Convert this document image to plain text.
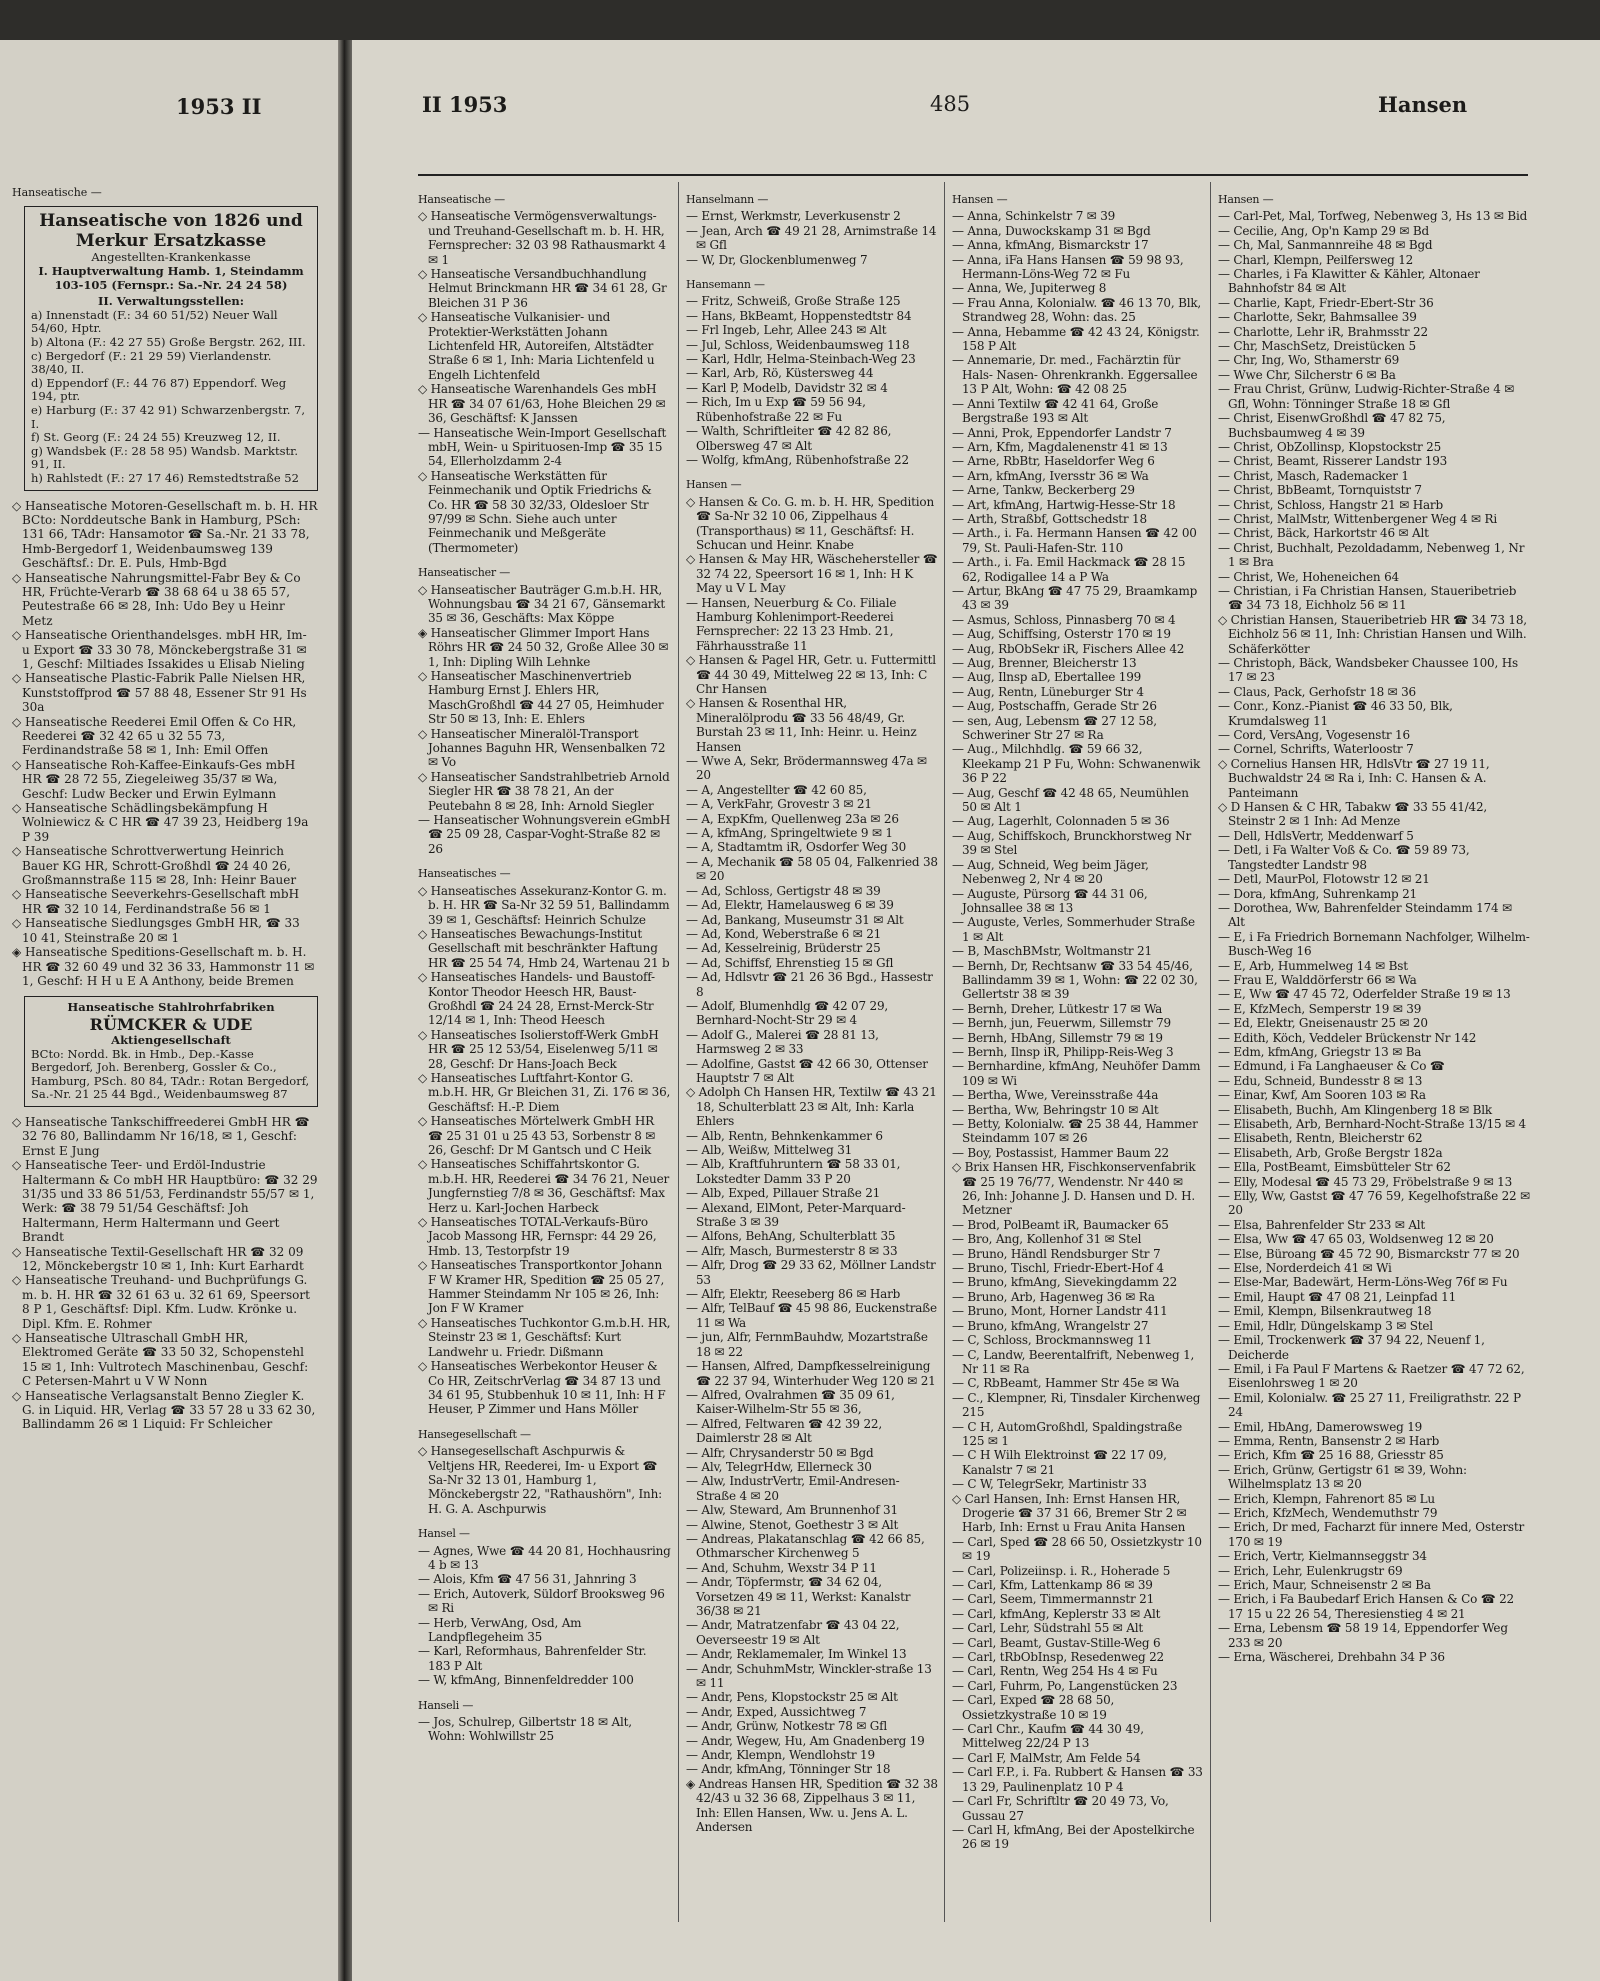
1953 II
Hanseatische —
Hanseatische von 1826 und Merkur Ersatzkasse
Angestellten-Krankenkasse
I. Hauptverwaltung Hamb. 1, Steindamm 103-105 (Fernspr.: Sa.-Nr. 24 24 58)
II. Verwaltungsstellen:
a) Innenstadt (F.: 34 60 51/52) Neuer Wall 54/60, Hptr.
b) Altona (F.: 42 27 55) Große Bergstr. 262, III.
c) Bergedorf (F.: 21 29 59) Vierlandenstr. 38/40, II.
d) Eppendorf (F.: 44 76 87) Eppendorf. Weg 194, ptr.
e) Harburg (F.: 37 42 91) Schwarzenbergstr. 7, I.
f) St. Georg (F.: 24 24 55) Kreuzweg 12, II.
g) Wandsbek (F.: 28 58 95) Wandsb. Marktstr. 91, II.
h) Rahlstedt (F.: 27 17 46) Remstedtstraße 52

◇ Hanseatische Motoren-Gesellschaft m. b. H. HR BCto: Norddeutsche Bank in Hamburg, PSch: 131 66, TAdr: Hansamotor ☎ Sa.-Nr. 21 33 78, Hmb-Bergedorf 1, Weidenbaumsweg 139 Geschäftsf.: Dr. E. Puls, Hmb-Bgd

◇ Hanseatische Nahrungsmittel-Fabr Bey & Co HR, Früchte-Verarb ☎ 38 68 64 u 38 65 57, Peutestraße 66 ✉ 28, Inh: Udo Bey u Heinr Metz

◇ Hanseatische Orienthandelsges. mbH HR, Im- u Export ☎ 33 30 78, Mönckebergstraße 31 ✉ 1, Geschf: Miltiades Issakides u Elisab Nieling

◇ Hanseatische Plastic-Fabrik Palle Nielsen HR, Kunststoffprod ☎ 57 88 48, Essener Str 91 Hs 30a

◇ Hanseatische Reederei Emil Offen & Co HR, Reederei ☎ 32 42 65 u 32 55 73, Ferdinandstraße 58 ✉ 1, Inh: Emil Offen

◇ Hanseatische Roh-Kaffee-Einkaufs-Ges mbH HR ☎ 28 72 55, Ziegeleiweg 35/37 ✉ Wa, Geschf: Ludw Becker und Erwin Eylmann

◇ Hanseatische Schädlingsbekämpfung H Wolniewicz & C HR ☎ 47 39 23, Heidberg 19a P 39

◇ Hanseatische Schrottverwertung Heinrich Bauer KG HR, Schrott-Großhdl ☎ 24 40 26, Großmannstraße 115 ✉ 28, Inh: Heinr Bauer

◇ Hanseatische Seeverkehrs-Gesellschaft mbH HR ☎ 32 10 14, Ferdinandstraße 56 ✉ 1

◇ Hanseatische Siedlungsges GmbH HR, ☎ 33 10 41, Steinstraße 20 ✉ 1

◈ Hanseatische Speditions-Gesellschaft m. b. H. HR ☎ 32 60 49 und 32 36 33, Hammonstr 11 ✉ 1, Geschf: H H u E A Anthony, beide Bremen

Hanseatische Stahlrohrfabriken
RÜMCKER & UDE
Aktiengesellschaft
BCto: Nordd. Bk. in Hmb., Dep.-Kasse Bergedorf, Joh. Berenberg, Gossler & Co., Hamburg, PSch. 80 84, TAdr.: Rotan Bergedorf, Sa.-Nr. 21 25 44 Bgd., Weidenbaumsweg 87

◇ Hanseatische Tankschiffreederei GmbH HR ☎ 32 76 80, Ballindamm Nr 16/18, ✉ 1, Geschf: Ernst E Jung

◇ Hanseatische Teer- und Erdöl-Industrie Haltermann & Co mbH HR Hauptbüro: ☎ 32 29 31/35 und 33 86 51/53, Ferdinandstr 55/57 ✉ 1, Werk: ☎ 38 79 51/54 Geschäftsf: Joh Haltermann, Herm Haltermann und Geert Brandt

◇ Hanseatische Textil-Gesellschaft HR ☎ 32 09 12, Mönckebergstr 10 ✉ 1, Inh: Kurt Earhardt

◇ Hanseatische Treuhand- und Buchprüfungs G. m. b. H. HR ☎ 32 61 63 u. 32 61 69, Speersort 8 P 1, Geschäftsf: Dipl. Kfm. Ludw. Krönke u. Dipl. Kfm. E. Rohmer

◇ Hanseatische Ultraschall GmbH HR, Elektromed Geräte ☎ 33 50 32, Schopenstehl 15 ✉ 1, Inh: Vultrotech Maschinenbau, Geschf: C Petersen-Mahrt u V W Nonn

◇ Hanseatische Verlagsanstalt Benno Ziegler K. G. in Liquid. HR, Verlag ☎ 33 57 28 u 33 62 30, Ballindamm 26 ✉ 1 Liquid: Fr Schleicher

II 1953	485	Hansen

Hanseatische —

◇ Hanseatische Vermögensverwaltungs- und Treuhand-Gesellschaft m. b. H. HR, Fernsprecher: 32 03 98 Rathausmarkt 4 ✉ 1

◇ Hanseatische Versandbuchhandlung Helmut Brinckmann HR ☎ 34 61 28, Gr Bleichen 31 P 36

◇ Hanseatische Vulkanisier- und Protektier-Werkstätten Johann Lichtenfeld HR, Autoreifen, Altstädter Straße 6 ✉ 1, Inh: Maria Lichtenfeld u Engelh Lichtenfeld

◇ Hanseatische Warenhandels Ges mbH HR ☎ 34 07 61/63, Hohe Bleichen 29 ✉ 36, Geschäftsf: K Janssen

— Hanseatische Wein-Import Gesellschaft mbH, Wein- u Spirituosen-Imp ☎ 35 15 54, Ellerholzdamm 2-4

◇ Hanseatische Werkstätten für Feinmechanik und Optik Friedrichs & Co. HR ☎ 58 30 32/33, Oldesloer Str 97/99 ✉ Schn. Siehe auch unter Feinmechanik und Meßgeräte (Thermometer)

Hanseatischer —

◇ Hanseatischer Bauträger G.m.b.H. HR, Wohnungsbau ☎ 34 21 67, Gänsemarkt 35 ✉ 36, Geschäfts: Max Köppe

◈ Hanseatischer Glimmer Import Hans Röhrs HR ☎ 24 50 32, Große Allee 30 ✉ 1, Inh: Dipling Wilh Lehnke

◇ Hanseatischer Maschinenvertrieb Hamburg Ernst J. Ehlers HR, MaschGroßhdl ☎ 44 27 05, Heimhuder Str 50 ✉ 13, Inh: E. Ehlers

◇ Hanseatischer Mineralöl-Transport Johannes Baguhn HR, Wensenbalken 72 ✉ Vo

◇ Hanseatischer Sandstrahlbetrieb Arnold Siegler HR ☎ 38 78 21, An der Peutebahn 8 ✉ 28, Inh: Arnold Siegler

— Hanseatischer Wohnungsverein eGmbH ☎ 25 09 28, Caspar-Voght-Straße 82 ✉ 26

Hanseatisches —

◇ Hanseatisches Assekuranz-Kontor G. m. b. H. HR ☎ Sa-Nr 32 59 51, Ballindamm 39 ✉ 1, Geschäftsf: Heinrich Schulze

◇ Hanseatisches Bewachungs-Institut Gesellschaft mit beschränkter Haftung HR ☎ 25 54 74, Hmb 24, Wartenau 21 b

◇ Hanseatisches Handels- und Baustoff-Kontor Theodor Heesch HR, Baust-Großhdl ☎ 24 24 28, Ernst-Merck-Str 12/14 ✉ 1, Inh: Theod Heesch

◇ Hanseatisches Isolierstoff-Werk GmbH HR ☎ 25 12 53/54, Eiselenweg 5/11 ✉ 28, Geschf: Dr Hans-Joach Beck

◇ Hanseatisches Luftfahrt-Kontor G. m.b.H. HR, Gr Bleichen 31, Zi. 176 ✉ 36, Geschäftsf: H.-P. Diem

◇ Hanseatisches Mörtelwerk GmbH HR ☎ 25 31 01 u 25 43 53, Sorbenstr 8 ✉ 26, Geschf: Dr M Gantsch und C Heik

◇ Hanseatisches Schiffahrtskontor G. m.b.H. HR, Reederei ☎ 34 76 21, Neuer Jungfernstieg 7/8 ✉ 36, Geschäftsf: Max Herz u. Karl-Jochen Harbeck

◇ Hanseatisches TOTAL-Verkaufs-Büro Jacob Massong HR, Fernspr: 44 29 26, Hmb. 13, Testorpfstr 19

◇ Hanseatisches Transportkontor Johann F W Kramer HR, Spedition ☎ 25 05 27, Hammer Steindamm Nr 105 ✉ 26, Inh: Jon F W Kramer

◇ Hanseatisches Tuchkontor G.m.b.H. HR, Steinstr 23 ✉ 1, Geschäftsf: Kurt Landwehr u. Friedr. Dißmann

◇ Hanseatisches Werbekontor Heuser & Co HR, ZeitschrVerlag ☎ 34 87 13 und 34 61 95, Stubbenhuk 10 ✉ 11, Inh: H F Heuser, P Zimmer und Hans Möller

Hansegesellschaft —

◇ Hansegesellschaft Aschpurwis & Veltjens HR, Reederei, Im- u Export ☎ Sa-Nr 32 13 01, Hamburg 1, Mönckebergstr 22, "Rathaushörn", Inh: H. G. A. Aschpurwis

Hansel —

— Agnes, Wwe ☎ 44 20 81, Hochhausring 4 b ✉ 13

— Alois, Kfm ☎ 47 56 31, Jahnring 3

— Erich, Autoverk, Süldorf Brooksweg 96 ✉ Ri

— Herb, VerwAng, Osd, Am Landpflegeheim 35

— Karl, Reformhaus, Bahrenfelder Str. 183 P Alt

— W, kfmAng, Binnenfeldredder 100

Hanseli —

— Jos, Schulrep, Gilbertstr 18 ✉ Alt, Wohn: Wohlwillstr 25

Hanselmann —

— Ernst, Werkmstr, Leverkusenstr 2

— Jean, Arch ☎ 49 21 28, Arnimstraße 14 ✉ Gfl

— W, Dr, Glockenblumenweg 7

Hansemann —

— Fritz, Schweiß, Große Straße 125

— Hans, BkBeamt, Hoppenstedtstr 84

— Frl Ingeb, Lehr, Allee 243 ✉ Alt

— Jul, Schloss, Weidenbaumsweg 118

— Karl, Hdlr, Helma-Steinbach-Weg 23

— Karl, Arb, Rö, Küstersweg 44

— Karl P, Modelb, Davidstr 32 ✉ 4

— Rich, Im u Exp ☎ 59 56 94, Rübenhofstraße 22 ✉ Fu

— Walth, Schriftleiter ☎ 42 82 86, Olbersweg 47 ✉ Alt

— Wolfg, kfmAng, Rübenhofstraße 22

Hansen —

◇ Hansen & Co. G. m. b. H. HR, Spedition ☎ Sa-Nr 32 10 06, Zippelhaus 4 (Transporthaus) ✉ 11, Geschäftsf: H. Schucan und Heinr. Knabe

◇ Hansen & May HR, Wäschehersteller ☎ 32 74 22, Speersort 16 ✉ 1, Inh: H K May u V L May

— Hansen, Neuerburg & Co. Filiale Hamburg Kohlenimport-Reederei Fernsprecher: 22 13 23 Hmb. 21, Fährhausstraße 11

◇ Hansen & Pagel HR, Getr. u. Futtermittl ☎ 44 30 49, Mittelweg 22 ✉ 13, Inh: C Chr Hansen

◇ Hansen & Rosenthal HR, Mineralölprodu ☎ 33 56 48/49, Gr. Burstah 23 ✉ 11, Inh: Heinr. u. Heinz Hansen

— Wwe A, Sekr, Brödermannsweg 47a ✉ 20

— A, Angestellter ☎ 42 60 85,

— A, VerkFahr, Grovestr 3 ✉ 21

— A, ExpKfm, Quellenweg 23a ✉ 26

— A, kfmAng, Springeltwiete 9 ✉ 1

— A, Stadtamtm iR, Osdorfer Weg 30

— A, Mechanik ☎ 58 05 04, Falkenried 38 ✉ 20

— Ad, Schloss, Gertigstr 48 ✉ 39

— Ad, Elektr, Hamelausweg 6 ✉ 39

— Ad, Bankang, Museumstr 31 ✉ Alt

— Ad, Kond, Weberstraße 6 ✉ 21

— Ad, Kesselreinig, Brüderstr 25

— Ad, Schiffsf, Ehrenstieg 15 ✉ Gfl

— Ad, Hdlsvtr ☎ 21 26 36 Bgd., Hassestr 8

— Adolf, Blumenhdlg ☎ 42 07 29, Bernhard-Nocht-Str 29 ✉ 4

— Adolf G., Malerei ☎ 28 81 13, Harmsweg 2 ✉ 33

— Adolfine, Gastst ☎ 42 66 30, Ottenser Hauptstr 7 ✉ Alt

◇ Adolph Ch Hansen HR, Textilw ☎ 43 21 18, Schulterblatt 23 ✉ Alt, Inh: Karla Ehlers

— Alb, Rentn, Behnkenkammer 6

— Alb, Weißw, Mittelweg 31

— Alb, Kraftfuhruntern ☎ 58 33 01, Lokstedter Damm 33 P 20

— Alb, Exped, Pillauer Straße 21

— Alexand, ElMont, Peter-Marquard-Straße 3 ✉ 39

— Alfons, BehAng, Schulterblatt 35

— Alfr, Masch, Burmesterstr 8 ✉ 33

— Alfr, Drog ☎ 29 33 62, Möllner Landstr 53

— Alfr, Elektr, Reeseberg 86 ✉ Harb

— Alfr, TelBauf ☎ 45 98 86, Euckenstraße 11 ✉ Wa

— jun, Alfr, FernmBauhdw, Mozartstraße 18 ✉ 22

— Hansen, Alfred, Dampfkesselreinigung ☎ 22 37 94, Winterhuder Weg 120 ✉ 21

— Alfred, Ovalrahmen ☎ 35 09 61, Kaiser-Wilhelm-Str 55 ✉ 36,

— Alfred, Feltwaren ☎ 42 39 22, Daimlerstr 28 ✉ Alt

— Alfr, Chrysanderstr 50 ✉ Bgd

— Alv, TelegrHdw, Ellerneck 30

— Alw, IndustrVertr, Emil-Andresen-Straße 4 ✉ 20

— Alw, Steward, Am Brunnenhof 31

— Alwine, Stenot, Goethestr 3 ✉ Alt

— Andreas, Plakatanschlag ☎ 42 66 85, Othmarscher Kirchenweg 5

— And, Schuhm, Wexstr 34 P 11

— Andr, Töpfermstr, ☎ 34 62 04, Vorsetzen 49 ✉ 11, Werkst: Kanalstr 36/38 ✉ 21

— Andr, Matratzenfabr ☎ 43 04 22, Oeverseestr 19 ✉ Alt

— Andr, Reklamemaler, Im Winkel 13

— Andr, SchuhmMstr, Winckler-straße 13 ✉ 11

— Andr, Pens, Klopstockstr 25 ✉ Alt

— Andr, Exped, Aussichtweg 7

— Andr, Grünw, Notkestr 78 ✉ Gfl

— Andr, Wegew, Hu, Am Gnadenberg 19

— Andr, Klempn, Wendlohstr 19

— Andr, kfmAng, Tönninger Str 18

◈ Andreas Hansen HR, Spedition ☎ 32 38 42/43 u 32 36 68, Zippelhaus 3 ✉ 11, Inh: Ellen Hansen, Ww. u. Jens A. L. Andersen

Hansen —

— Anna, Schinkelstr 7 ✉ 39

— Anna, Duwockskamp 31 ✉ Bgd

— Anna, kfmAng, Bismarckstr 17

— Anna, iFa Hans Hansen ☎ 59 98 93, Hermann-Löns-Weg 72 ✉ Fu

— Anna, We, Jupiterweg 8

— Frau Anna, Kolonialw. ☎ 46 13 70, Blk, Strandweg 28, Wohn: das. 25

— Anna, Hebamme ☎ 42 43 24, Königstr. 158 P Alt

— Annemarie, Dr. med., Fachärztin für Hals- Nasen- Ohrenkrankh. Eggersallee 13 P Alt, Wohn: ☎ 42 08 25

— Anni Textilw ☎ 42 41 64, Große Bergstraße 193 ✉ Alt

— Anni, Prok, Eppendorfer Landstr 7

— Arn, Kfm, Magdalenenstr 41 ✉ 13

— Arne, RbBtr, Haseldorfer Weg 6

— Arn, kfmAng, Iversstr 36 ✉ Wa

— Arne, Tankw, Beckerberg 29

— Art, kfmAng, Hartwig-Hesse-Str 18

— Arth, Straßbf, Gottschedstr 18

— Arth., i. Fa. Hermann Hansen ☎ 42 00 79, St. Pauli-Hafen-Str. 110

— Arth., i. Fa. Emil Hackmack ☎ 28 15 62, Rodigallee 14 a P Wa

— Artur, BkAng ☎ 47 75 29, Braamkamp 43 ✉ 39

— Asmus, Schloss, Pinnasberg 70 ✉ 4

— Aug, Schiffsing, Osterstr 170 ✉ 19

— Aug, RbObSekr iR, Fischers Allee 42

— Aug, Brenner, Bleicherstr 13

— Aug, Ilnsp aD, Ebertallee 199

— Aug, Rentn, Lüneburger Str 4

— Aug, Postschaffn, Gerade Str 26

— sen, Aug, Lebensm ☎ 27 12 58, Schweriner Str 27 ✉ Ra

— Aug., Milchhdlg. ☎ 59 66 32, Kleekamp 21 P Fu, Wohn: Schwanenwik 36 P 22

— Aug, Geschf ☎ 42 48 65, Neumühlen 50 ✉ Alt 1

— Aug, Lagerhlt, Colonnaden 5 ✉ 36

— Aug, Schiffskoch, Brunckhorstweg Nr 39 ✉ Stel

— Aug, Schneid, Weg beim Jäger, Nebenweg 2, Nr 4 ✉ 20

— Auguste, Pürsorg ☎ 44 31 06, Johnsallee 38 ✉ 13

— Auguste, Verles, Sommerhuder Straße 1 ✉ Alt

— B, MaschBMstr, Woltmanstr 21

— Bernh, Dr, Rechtsanw ☎ 33 54 45/46, Ballindamm 39 ✉ 1, Wohn: ☎ 22 02 30, Gellertstr 38 ✉ 39

— Bernh, Dreher, Lütkestr 17 ✉ Wa

— Bernh, jun, Feuerwm, Sillemstr 79

— Bernh, HbAng, Sillemstr 79 ✉ 19

— Bernh, Ilnsp iR, Philipp-Reis-Weg 3

— Bernhardine, kfmAng, Neuhöfer Damm 109 ✉ Wi

— Bertha, Wwe, Vereinsstraße 44a

— Bertha, Ww, Behringstr 10 ✉ Alt

— Betty, Kolonialw. ☎ 25 38 44, Hammer Steindamm 107 ✉ 26

— Boy, Postassist, Hammer Baum 22

◇ Brix Hansen HR, Fischkonservenfabrik ☎ 25 19 76/77, Wendenstr. Nr 440 ✉ 26, Inh: Johanne J. D. Hansen und D. H. Metzner

— Brod, PolBeamt iR, Baumacker 65

— Bro, Ang, Kollenhof 31 ✉ Stel

— Bruno, Händl Rendsburger Str 7

— Bruno, Tischl, Friedr-Ebert-Hof 4

— Bruno, kfmAng, Sievekingdamm 22

— Bruno, Arb, Hagenweg 36 ✉ Ra

— Bruno, Mont, Horner Landstr 411

— Bruno, kfmAng, Wrangelstr 27

— C, Schloss, Brockmannsweg 11

— C, Landw, Beerentalfrift, Nebenweg 1, Nr 11 ✉ Ra

— C, RbBeamt, Hammer Str 45e ✉ Wa

— C., Klempner, Ri, Tinsdaler Kirchenweg 215

— C H, AutomGroßhdl, Spaldingstraße 125 ✉ 1

— C H Wilh Elektroinst ☎ 22 17 09, Kanalstr 7 ✉ 21

— C W, TelegrSekr, Martinistr 33

◇ Carl Hansen, Inh: Ernst Hansen HR, Drogerie ☎ 37 31 66, Bremer Str 2 ✉ Harb, Inh: Ernst u Frau Anita Hansen

— Carl, Sped ☎ 28 66 50, Ossietzkystr 10 ✉ 19

— Carl, Polizeiinsp. i. R., Hoherade 5

— Carl, Kfm, Lattenkamp 86 ✉ 39

— Carl, Seem, Timmermannstr 21

— Carl, kfmAng, Keplerstr 33 ✉ Alt

— Carl, Lehr, Südstrahl 55 ✉ Alt

— Carl, Beamt, Gustav-Stille-Weg 6

— Carl, tRbObInsp, Resedenweg 22

— Carl, Rentn, Weg 254 Hs 4 ✉ Fu

— Carl, Fuhrm, Po, Langenstücken 23

— Carl, Exped ☎ 28 68 50, Ossietzkystraße 10 ✉ 19

— Carl Chr., Kaufm ☎ 44 30 49, Mittelweg 22/24 P 13

— Carl F, MalMstr, Am Felde 54

— Carl F.P., i. Fa. Rubbert & Hansen ☎ 33 13 29, Paulinenplatz 10 P 4

— Carl Fr, Schriftltr ☎ 20 49 73, Vo, Gussau 27

— Carl H, kfmAng, Bei der Apostelkirche 26 ✉ 19

Hansen —

— Carl-Pet, Mal, Torfweg, Nebenweg 3, Hs 13 ✉ Bid

— Cecilie, Ang, Op'n Kamp 29 ✉ Bd

— Ch, Mal, Sanmannreihe 48 ✉ Bgd

— Charl, Klempn, Peilfersweg 12

— Charles, i Fa Klawitter & Kähler, Altonaer Bahnhofstr 84 ✉ Alt

— Charlie, Kapt, Friedr-Ebert-Str 36

— Charlotte, Sekr, Bahmsallee 39

— Charlotte, Lehr iR, Brahmsstr 22

— Chr, MaschSetz, Dreistücken 5

— Chr, Ing, Wo, Sthamerstr 69

— Wwe Chr, Silcherstr 6 ✉ Ba

— Frau Christ, Grünw, Ludwig-Richter-Straße 4 ✉ Gfl, Wohn: Tönninger Straße 18 ✉ Gfl

— Christ, EisenwGroßhdl ☎ 47 82 75, Buchsbaumweg 4 ✉ 39

— Christ, ObZollinsp, Klopstockstr 25

— Christ, Beamt, Risserer Landstr 193

— Christ, Masch, Rademacker 1

— Christ, BbBeamt, Tornquiststr 7

— Christ, Schloss, Hangstr 21 ✉ Harb

— Christ, MalMstr, Wittenbergener Weg 4 ✉ Ri

— Christ, Bäck, Harkortstr 46 ✉ Alt

— Christ, Buchhalt, Pezoldadamm, Nebenweg 1, Nr 1 ✉ Bra

— Christ, We, Hoheneichen 64

— Christian, i Fa Christian Hansen, Staueribetrieb ☎ 34 73 18, Eichholz 56 ✉ 11

◇ Christian Hansen, Staueribetrieb HR ☎ 34 73 18, Eichholz 56 ✉ 11, Inh: Christian Hansen und Wilh. Schäferkötter

— Christoph, Bäck, Wandsbeker Chaussee 100, Hs 17 ✉ 23

— Claus, Pack, Gerhofstr 18 ✉ 36

— Conr., Konz.-Pianist ☎ 46 33 50, Blk, Krumdalsweg 11

— Cord, VersAng, Vogesenstr 16

— Cornel, Schrifts, Waterloostr 7

◇ Cornelius Hansen HR, HdlsVtr ☎ 27 19 11, Buchwaldstr 24 ✉ Ra i, Inh: C. Hansen & A. Panteimann

◇ D Hansen & C HR, Tabakw ☎ 33 55 41/42, Steinstr 2 ✉ 1 Inh: Ad Menze

— Dell, HdlsVertr, Meddenwarf 5

— Detl, i Fa Walter Voß & Co. ☎ 59 89 73, Tangstedter Landstr 98

— Detl, MaurPol, Flotowstr 12 ✉ 21

— Dora, kfmAng, Suhrenkamp 21

— Dorothea, Ww, Bahrenfelder Steindamm 174 ✉ Alt

— E, i Fa Friedrich Bornemann Nachfolger, Wilhelm-Busch-Weg 16

— E, Arb, Hummelweg 14 ✉ Bst

— Frau E, Walddörferstr 66 ✉ Wa

— E, Ww ☎ 47 45 72, Oderfelder Straße 19 ✉ 13

— E, KfzMech, Semperstr 19 ✉ 39

— Ed, Elektr, Gneisenaustr 25 ✉ 20

— Edith, Köch, Veddeler Brückenstr Nr 142

— Edm, kfmAng, Griegstr 13 ✉ Ba

— Edmund, i Fa Langhaeuser & Co ☎

— Edu, Schneid, Bundesstr 8 ✉ 13

— Einar, Kwf, Am Sooren 103 ✉ Ra

— Elisabeth, Buchh, Am Klingenberg 18 ✉ Blk

— Elisabeth, Arb, Bernhard-Nocht-Straße 13/15 ✉ 4

— Elisabeth, Rentn, Bleicherstr 62

— Elisabeth, Arb, Große Bergstr 182a

— Ella, PostBeamt, Eimsbütteler Str 62

— Elly, Modesal ☎ 45 73 29, Fröbelstraße 9 ✉ 13

— Elly, Ww, Gastst ☎ 47 76 59, Kegelhofstraße 22 ✉ 20

— Elsa, Bahrenfelder Str 233 ✉ Alt

— Elsa, Ww ☎ 47 65 03, Woldsenweg 12 ✉ 20

— Else, Büroang ☎ 45 72 90, Bismarckstr 77 ✉ 20

— Else, Norderdeich 41 ✉ Wi

— Else-Mar, Badewärt, Herm-Löns-Weg 76f ✉ Fu

— Emil, Haupt ☎ 47 08 21, Leinpfad 11

— Emil, Klempn, Bilsenkrautweg 18

— Emil, Hdlr, Düngelskamp 3 ✉ Stel

— Emil, Trockenwerk ☎ 37 94 22, Neuenf 1, Deicherde

— Emil, i Fa Paul F Martens & Raetzer ☎ 47 72 62, Eisenlohrsweg 1 ✉ 20

— Emil, Kolonialw. ☎ 25 27 11, Freiligrathstr. 22 P 24

— Emil, HbAng, Damerowsweg 19

— Emma, Rentn, Bansenstr 2 ✉ Harb

— Erich, Kfm ☎ 25 16 88, Griesstr 85

— Erich, Grünw, Gertigstr 61 ✉ 39, Wohn: Wilhelmsplatz 13 ✉ 20

— Erich, Klempn, Fahrenort 85 ✉ Lu

— Erich, KfzMech, Wendemuthstr 79

— Erich, Dr med, Facharzt für innere Med, Osterstr 170 ✉ 19

— Erich, Vertr, Kielmannseggstr 34

— Erich, Lehr, Eulenkrugstr 69

— Erich, Maur, Schneisenstr 2 ✉ Ba

— Erich, i Fa Baubedarf Erich Hansen & Co ☎ 22 17 15 u 22 26 54, Theresienstieg 4 ✉ 21

— Erna, Lebensm ☎ 58 19 14, Eppendorfer Weg 233 ✉ 20

— Erna, Wäscherei, Drehbahn 34 P 36
